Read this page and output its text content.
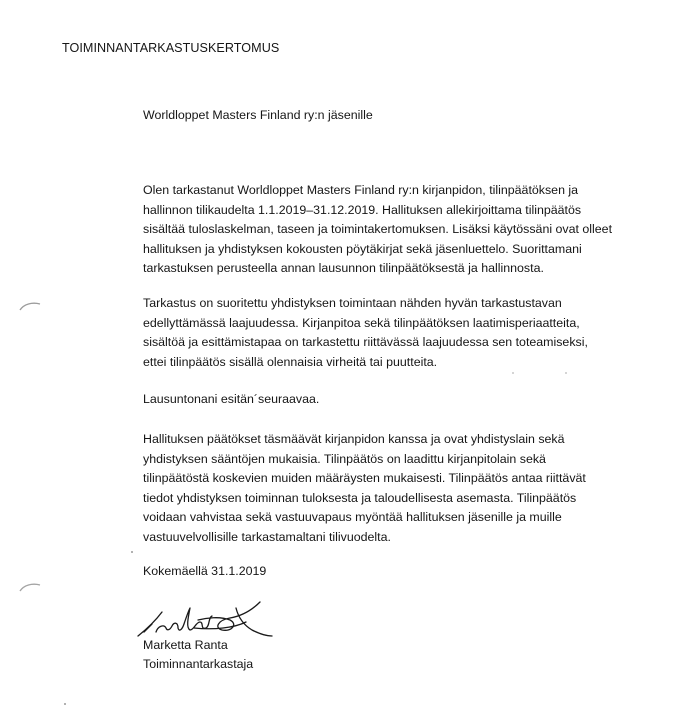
TOIMINNANTARKASTUSKERTOMUS
Worldloppet Masters Finland ry:n jäsenille
Olen tarkastanut Worldloppet Masters Finland ry:n kirjanpidon, tilinpäätöksen ja
hallinnon tilikaudelta 1.1.2019–31.12.2019. Hallituksen allekirjoittama tilinpäätös
sisältää tuloslaskelman, taseen ja toimintakertomuksen. Lisäksi käytössäni ovat olleet
hallituksen ja yhdistyksen kokousten pöytäkirjat sekä jäsenluettelo. Suorittamani
tarkastuksen perusteella annan lausunnon tilinpäätöksestä ja hallinnosta.
Tarkastus on suoritettu yhdistyksen toimintaan nähden hyvän tarkastustavan
edellyttämässä laajuudessa. Kirjanpitoa sekä tilinpäätöksen laatimisperiaatteita,
sisältöä ja esittämistapaa on tarkastettu riittävässä laajuudessa sen toteamiseksi,
ettei tilinpäätös sisällä olennaisia virheitä tai puutteita.
Lausuntonani esitän´seuraavaa.
Hallituksen päätökset täsmäävät kirjanpidon kanssa ja ovat yhdistyslain sekä
yhdistyksen sääntöjen mukaisia. Tilinpäätös on laadittu kirjanpitolain sekä
tilinpäätöstä koskevien muiden määräysten mukaisesti. Tilinpäätös antaa riittävät
tiedot yhdistyksen toiminnan tuloksesta ja taloudellisesta asemasta. Tilinpäätös
voidaan vahvistaa sekä vastuuvapaus myöntää hallituksen jäsenille ja muille
vastuuvelvollisille tarkastamaltani tilivuodelta.
Kokemäellä 31.1.2019
Marketta Ranta
Toiminnantarkastaja
